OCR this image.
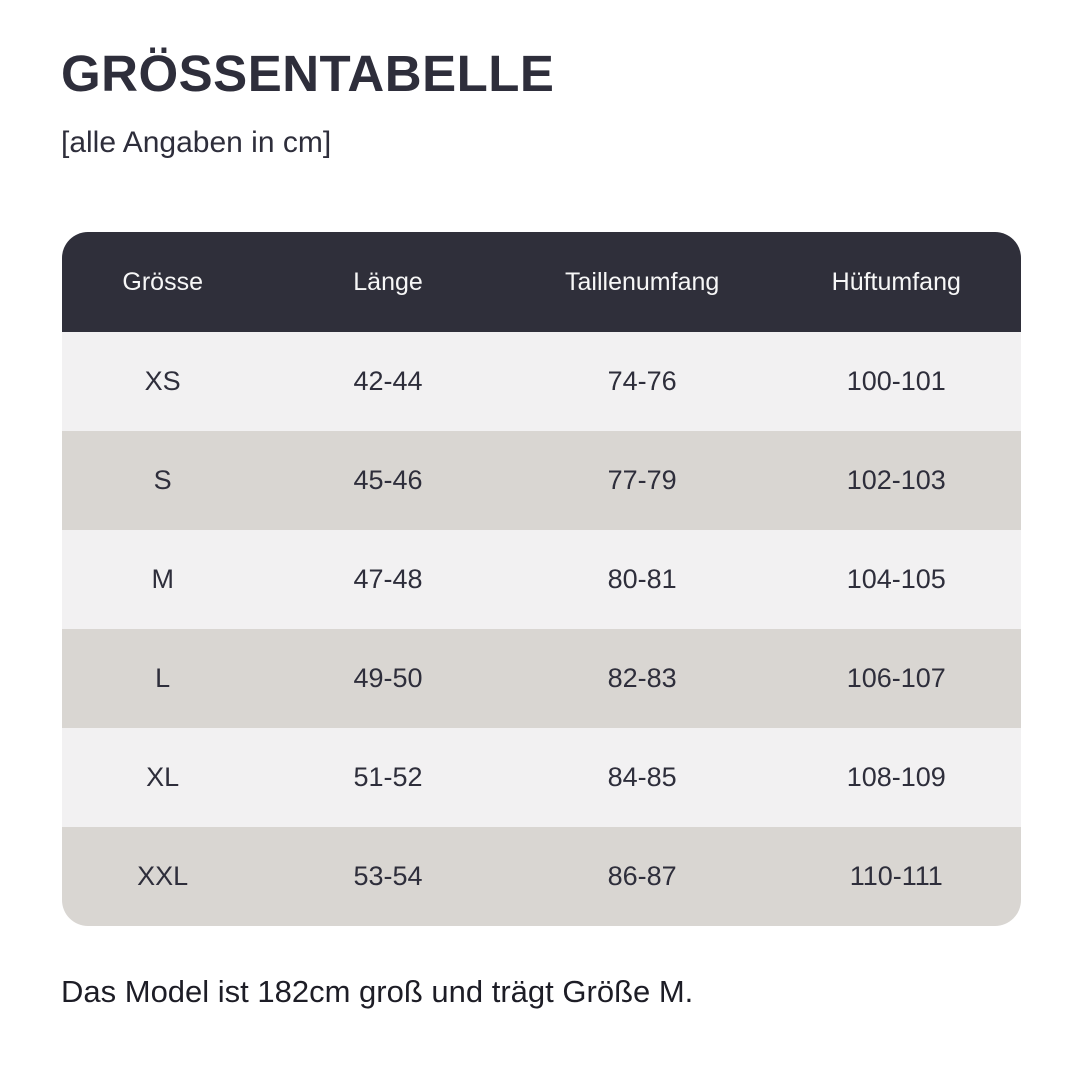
GRÖSSENTABELLE

[alle Angaben in cm]

Grösse	Länge	Taillenumfang	Hüftumfang
XS	42-44	74-76	100-101
S	45-46	77-79	102-103
M	47-48	80-81	104-105
L	49-50	82-83	106-107
XL	51-52	84-85	108-109
XXL	53-54	86-87	110-111

Das Model ist 182cm groß und trägt Größe M.
